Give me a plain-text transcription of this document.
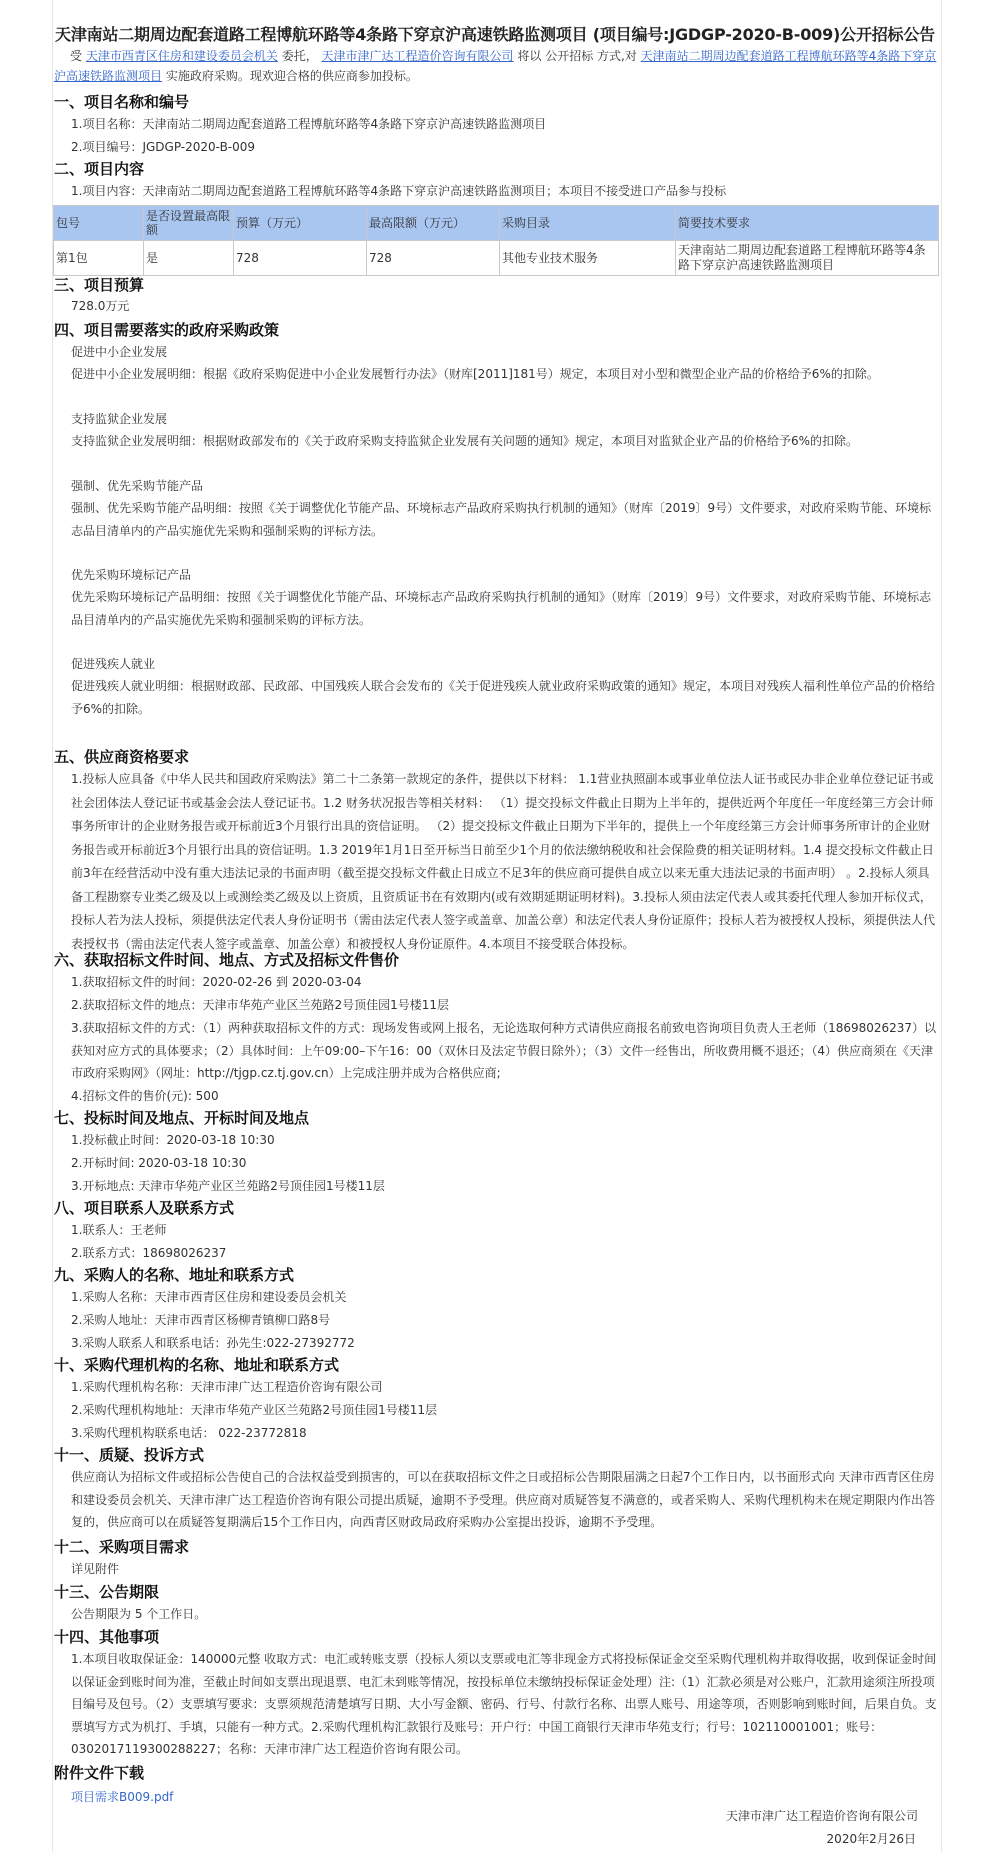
天津南站二期周边配套道路工程博航环路等4条路下穿京沪高速铁路监测项目 (项目编号:JGDGP-2020-B-009)公开招标公告
受 天津市西青区住房和建设委员会机关 委托， 天津市津广达工程造价咨询有限公司 将以 公开招标 方式,对 天津南站二期周边配套道路工程博航环路等4条路下穿京沪高速铁路监测项目 实施政府采购。现欢迎合格的供应商参加投标。
一、项目名称和编号
1.项目名称：天津南站二期周边配套道路工程博航环路等4条路下穿京沪高速铁路监测项目
2.项目编号：JGDGP-2020-B-009
二、项目内容
1.项目内容：天津南站二期周边配套道路工程博航环路等4条路下穿京沪高速铁路监测项目；本项目不接受进口产品参与投标
包号	是否设置最高限额	预算（万元）	最高限额（万元）	采购目录	简要技术要求
第1包	是	728	728	其他专业技术服务	天津南站二期周边配套道路工程博航环路等4条路下穿京沪高速铁路监测项目
三、项目预算
728.0万元
四、项目需要落实的政府采购政策
促进中小企业发展
促进中小企业发展明细：根据《政府采购促进中小企业发展暂行办法》（财库[2011]181号）规定，本项目对小型和微型企业产品的价格给予6%的扣除。
支持监狱企业发展
支持监狱企业发展明细：根据财政部发布的《关于政府采购支持监狱企业发展有关问题的通知》规定，本项目对监狱企业产品的价格给予6%的扣除。
强制、优先采购节能产品
强制、优先采购节能产品明细：按照《关于调整优化节能产品、环境标志产品政府采购执行机制的通知》（财库〔2019〕9号）文件要求，对政府采购节能、环境标志品目清单内的产品实施优先采购和强制采购的评标方法。
优先采购环境标记产品
优先采购环境标记产品明细：按照《关于调整优化节能产品、环境标志产品政府采购执行机制的通知》（财库〔2019〕9号）文件要求，对政府采购节能、环境标志品目清单内的产品实施优先采购和强制采购的评标方法。
促进残疾人就业
促进残疾人就业明细：根据财政部、民政部、中国残疾人联合会发布的《关于促进残疾人就业政府采购政策的通知》规定，本项目对残疾人福利性单位产品的价格给予6%的扣除。
五、供应商资格要求
1.投标人应具备《中华人民共和国政府采购法》第二十二条第一款规定的条件，提供以下材料： 1.1营业执照副本或事业单位法人证书或民办非企业单位登记证书或社会团体法人登记证书或基金会法人登记证书。1.2 财务状况报告等相关材料： （1）提交投标文件截止日期为上半年的，提供近两个年度任一年度经第三方会计师事务所审计的企业财务报告或开标前近3个月银行出具的资信证明。 （2）提交投标文件截止日期为下半年的，提供上一个年度经第三方会计师事务所审计的企业财务报告或开标前近3个月银行出具的资信证明。1.3 2019年1月1日至开标当日前至少1个月的依法缴纳税收和社会保险费的相关证明材料。1.4 提交投标文件截止日前3年在经营活动中没有重大违法记录的书面声明（截至提交投标文件截止日成立不足3年的供应商可提供自成立以来无重大违法记录的书面声明） 。2.投标人须具备工程勘察专业类乙级及以上或测绘类乙级及以上资质，且资质证书在有效期内(或有效期延期证明材料)。3.投标人须由法定代表人或其委托代理人参加开标仪式，投标人若为法人投标，须提供法定代表人身份证明书（需由法定代表人签字或盖章、加盖公章）和法定代表人身份证原件；投标人若为被授权人投标，须提供法人代表授权书（需由法定代表人签字或盖章、加盖公章）和被授权人身份证原件。4.本项目不接受联合体投标。
六、获取招标文件时间、地点、方式及招标文件售价
1.获取招标文件的时间：2020-02-26 到 2020-03-04
2.获取招标文件的地点：天津市华苑产业区兰苑路2号顶佳园1号楼11层
3.获取招标文件的方式：（1）两种获取招标文件的方式：现场发售或网上报名，无论选取何种方式请供应商报名前致电咨询项目负责人王老师（18698026237）以获知对应方式的具体要求；（2）具体时间：上午09:00–下午16：00（双休日及法定节假日除外）；（3）文件一经售出，所收费用概不退还；（4）供应商须在《天津市政府采购网》（网址：http://tjgp.cz.tj.gov.cn）上完成注册并成为合格供应商;
4.招标文件的售价(元): 500
七、投标时间及地点、开标时间及地点
1.投标截止时间：2020-03-18 10:30
2.开标时间: 2020-03-18 10:30
3.开标地点: 天津市华苑产业区兰苑路2号顶佳园1号楼11层
八、项目联系人及联系方式
1.联系人：王老师
2.联系方式：18698026237
九、采购人的名称、地址和联系方式
1.采购人名称：天津市西青区住房和建设委员会机关
2.采购人地址：天津市西青区杨柳青镇柳口路8号
3.采购人联系人和联系电话：孙先生:022-27392772
十、采购代理机构的名称、地址和联系方式
1.采购代理机构名称：天津市津广达工程造价咨询有限公司
2.采购代理机构地址：天津市华苑产业区兰苑路2号顶佳园1号楼11层
3.采购代理机构联系电话： 022-23772818
十一、质疑、投诉方式
供应商认为招标文件或招标公告使自己的合法权益受到损害的，可以在获取招标文件之日或招标公告期限届满之日起7个工作日内，以书面形式向 天津市西青区住房和建设委员会机关、天津市津广达工程造价咨询有限公司提出质疑，逾期不予受理。供应商对质疑答复不满意的，或者采购人、采购代理机构未在规定期限内作出答复的，供应商可以在质疑答复期满后15个工作日内，向西青区财政局政府采购办公室提出投诉，逾期不予受理。
十二、采购项目需求
详见附件
十三、公告期限
公告期限为 5 个工作日。
十四、其他事项
1.本项目收取保证金：140000元整 收取方式：电汇或转账支票（投标人须以支票或电汇等非现金方式将投标保证金交至采购代理机构并取得收据，收到保证金时间以保证金到账时间为准，至截止时间如支票出现退票、电汇未到账等情况，按投标单位未缴纳投标保证金处理）注:（1）汇款必须是对公账户，汇款用途须注所投项目编号及包号。（2）支票填写要求：支票须规范清楚填写日期、大小写金额、密码、行号、付款行名称、出票人账号、用途等项，否则影响到账时间，后果自负。支票填写方式为机打、手填，只能有一种方式。2.采购代理机构汇款银行及账号：开户行：中国工商银行天津市华苑支行；行号：102110001001；账号：0302017119300288227；名称：天津市津广达工程造价咨询有限公司。
附件文件下载
项目需求B009.pdf
天津市津广达工程造价咨询有限公司
2020年2月26日
